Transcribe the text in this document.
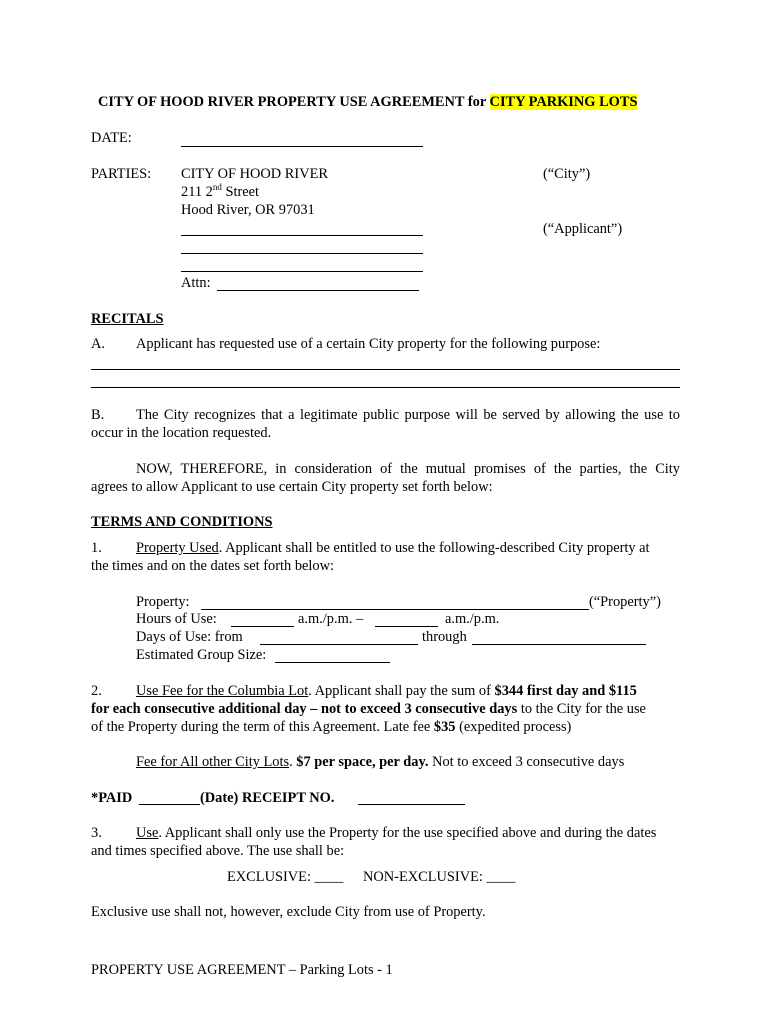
CITY OF HOOD RIVER PROPERTY USE AGREEMENT for CITY PARKING LOTS
DATE:
PARTIES: CITY OF HOOD RIVER	(“City”)
211 2nd Street
Hood River, OR 97031
(“Applicant”)
Attn:
RECITALS
A. Applicant has requested use of a certain City property for the following purpose:
B. The City recognizes that a legitimate public purpose will be served by allowing the use to
occur in the location requested.
NOW, THEREFORE, in consideration of the mutual promises of the parties, the City
agrees to allow Applicant to use certain City property set forth below:
TERMS AND CONDITIONS
1. Property Used. Applicant shall be entitled to use the following-described City property at
the times and on the dates set forth below:
Property:	(“Property”)
Hours of Use:	a.m./p.m. –	a.m./p.m.
Days of Use: from	through
Estimated Group Size:
2. Use Fee for the Columbia Lot. Applicant shall pay the sum of $344 first day and $115
for each consecutive additional day – not to exceed 3 consecutive days to the City for the use
of the Property during the term of this Agreement. Late fee $35 (expedited process)
Fee for All other City Lots. $7 per space, per day. Not to exceed 3 consecutive days
*PAID	(Date) RECEIPT NO.
3. Use. Applicant shall only use the Property for the use specified above and during the dates
and times specified above. The use shall be:
EXCLUSIVE: ____ NON-EXCLUSIVE: ____
Exclusive use shall not, however, exclude City from use of Property.
PROPERTY USE AGREEMENT – Parking Lots - 1
